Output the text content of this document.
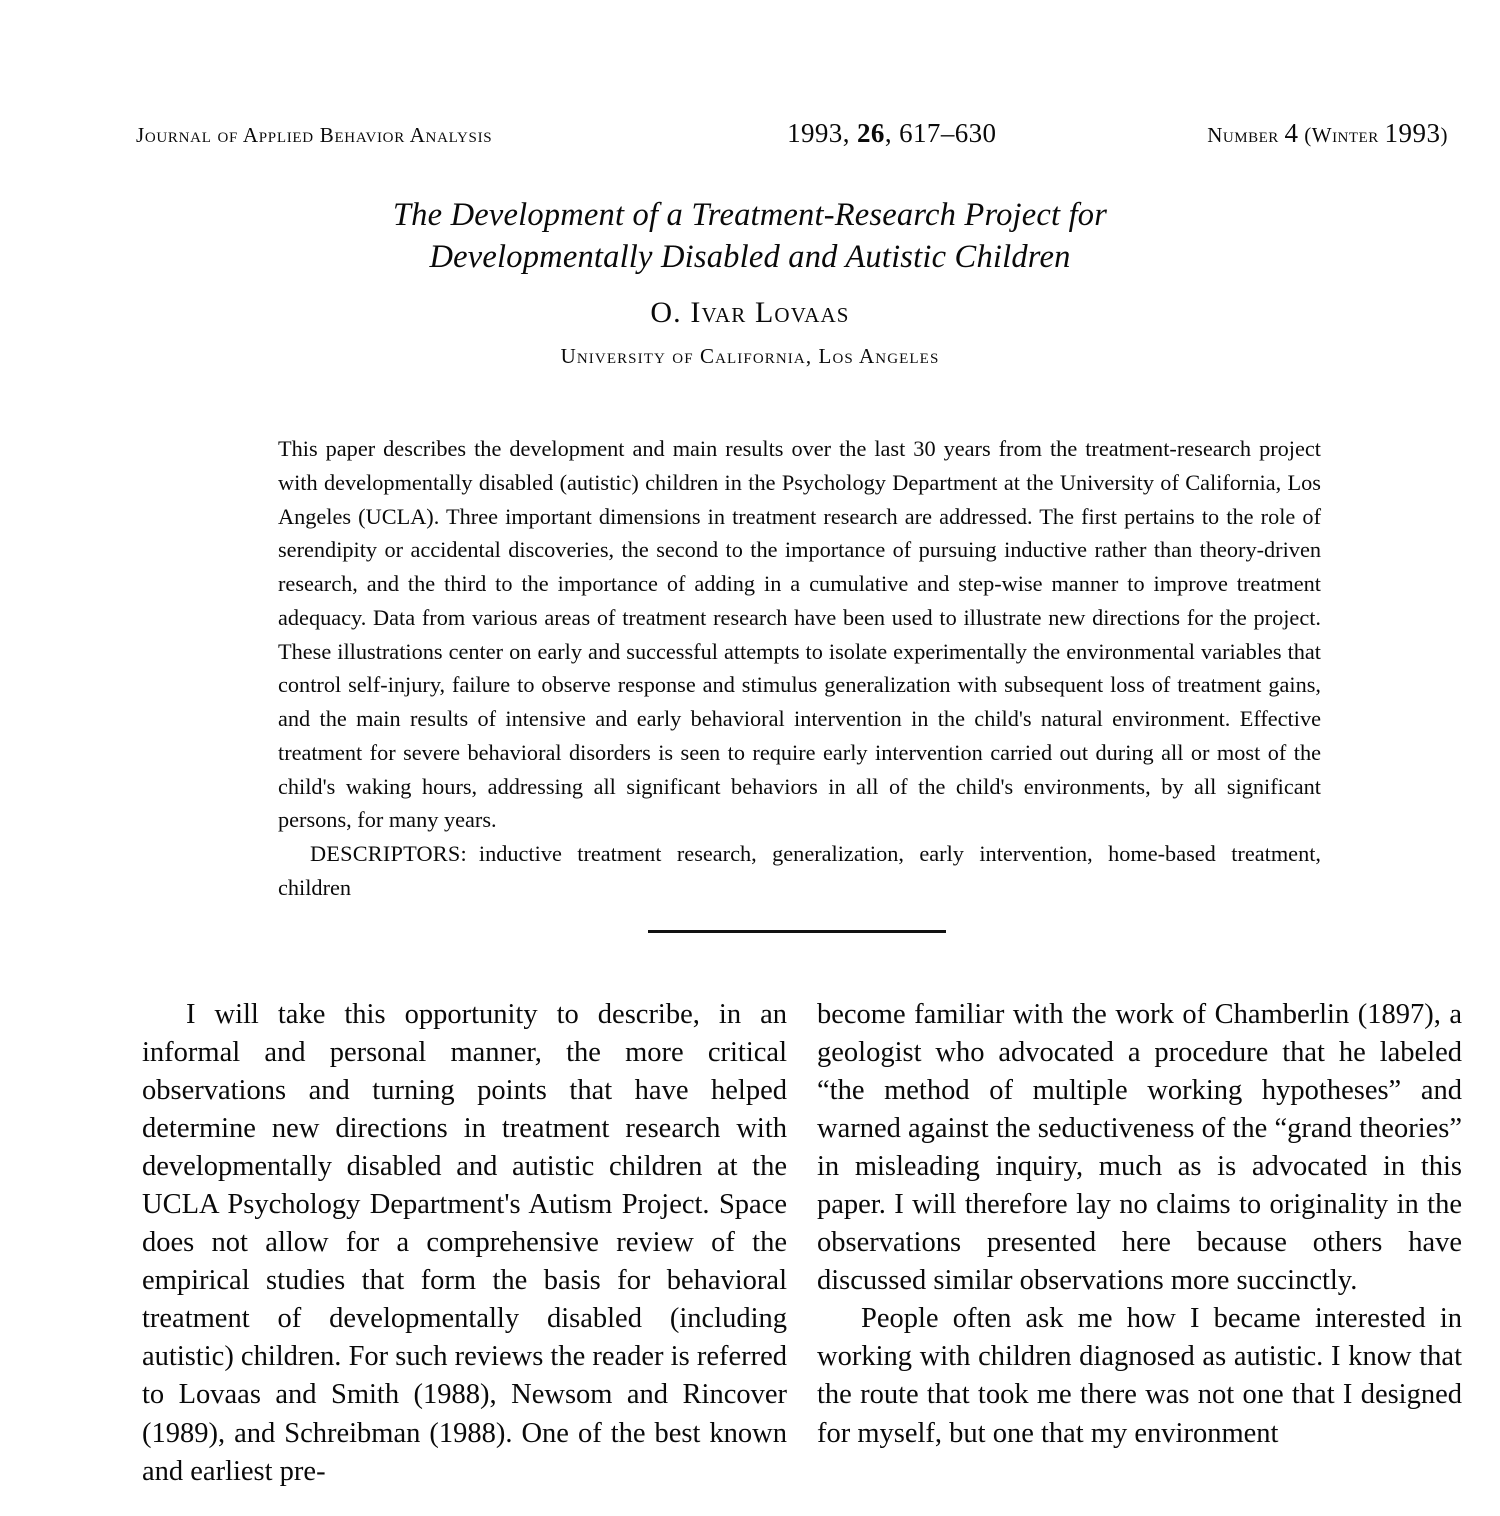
Journal of Applied Behavior Analysis	1993, 26, 617–630	Number 4 (Winter 1993)
The Development of a Treatment-Research Project for
Developmentally Disabled and Autistic Children
O. Ivar Lovaas
University of California, Los Angeles

This paper describes the development and main results over the last 30 years from the treatment-research project with developmentally disabled (autistic) children in the Psychology Department at the University of California, Los Angeles (UCLA). Three important dimensions in treatment research are addressed. The first pertains to the role of serendipity or accidental discoveries, the second to the importance of pursuing inductive rather than theory-driven research, and the third to the importance of adding in a cumulative and step-wise manner to improve treatment adequacy. Data from various areas of treatment research have been used to illustrate new directions for the project. These illustrations center on early and successful attempts to isolate experimentally the environmental variables that control self-injury, failure to observe response and stimulus generalization with subsequent loss of treatment gains, and the main results of intensive and early behavioral intervention in the child's natural environment. Effective treatment for severe behavioral disorders is seen to require early intervention carried out during all or most of the child's waking hours, addressing all significant behaviors in all of the child's environments, by all significant persons, for many years.

DESCRIPTORS: inductive treatment research, generalization, early intervention, home-based treatment, children

I will take this opportunity to describe, in an informal and personal manner, the more critical observations and turning points that have helped determine new directions in treatment research with developmentally disabled and autistic children at the UCLA Psychology Department's Autism Project. Space does not allow for a comprehensive review of the empirical studies that form the basis for behavioral treatment of developmentally disabled (including autistic) children. For such reviews the reader is referred to Lovaas and Smith (1988), Newsom and Rincover (1989), and Schreibman (1988). One of the best known and earliest pre-

become familiar with the work of Chamberlin (1897), a geologist who advocated a procedure that he labeled “the method of multiple working hypotheses” and warned against the seductiveness of the “grand theories” in misleading inquiry, much as is advocated in this paper. I will therefore lay no claims to originality in the observations presented here because others have discussed similar observations more succinctly.

People often ask me how I became interested in working with children diagnosed as autistic. I know that the route that took me there was not one that I designed for myself, but one that my environment
